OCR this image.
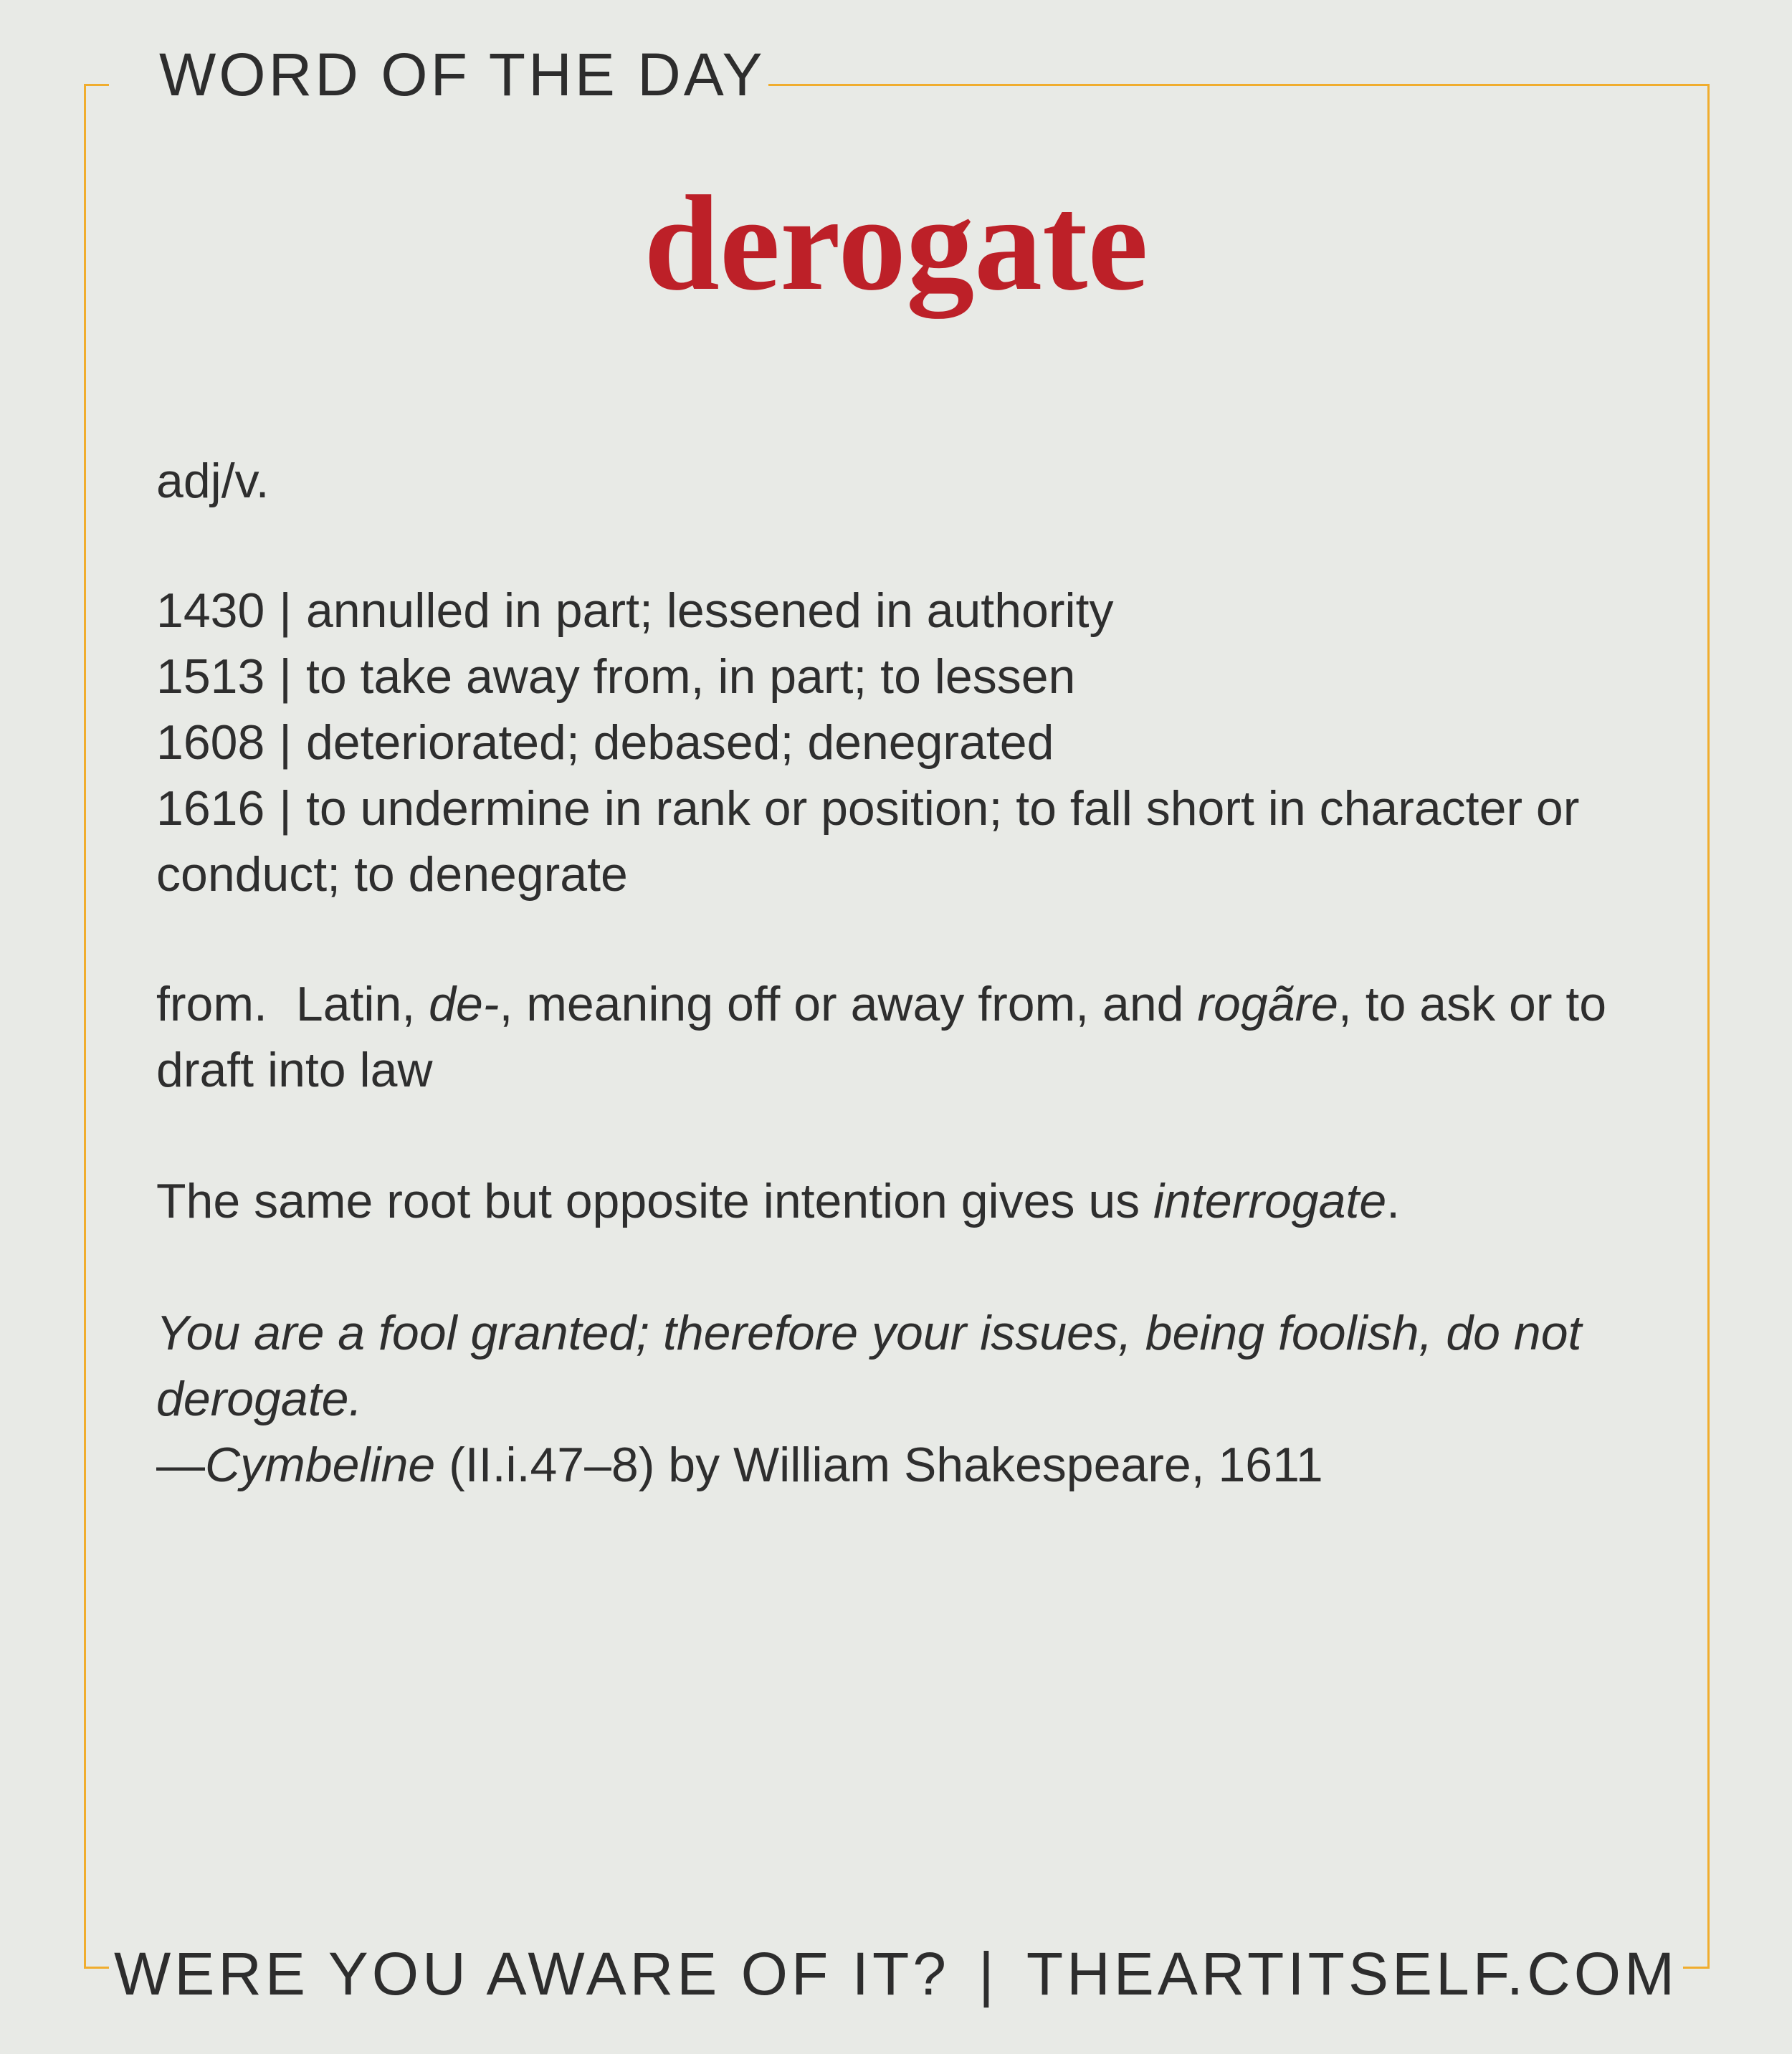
WORD OF THE DAY
derogate
adj/v.
1430 | annulled in part; lessened in authority
1513 | to take away from, in part; to lessen
1608 | deteriorated; debased; denegrated
1616 | to undermine in rank or position; to fall short in character or conduct; to denegrate
from. Latin, de-, meaning off or away from, and rogãre, to ask or to draft into law
The same root but opposite intention gives us interrogate.
You are a fool granted; therefore your issues, being foolish, do not derogate.
—Cymbeline (II.i.47–8) by William Shakespeare, 1611
WERE YOU AWARE OF IT? | THEARTITSELF.COM
